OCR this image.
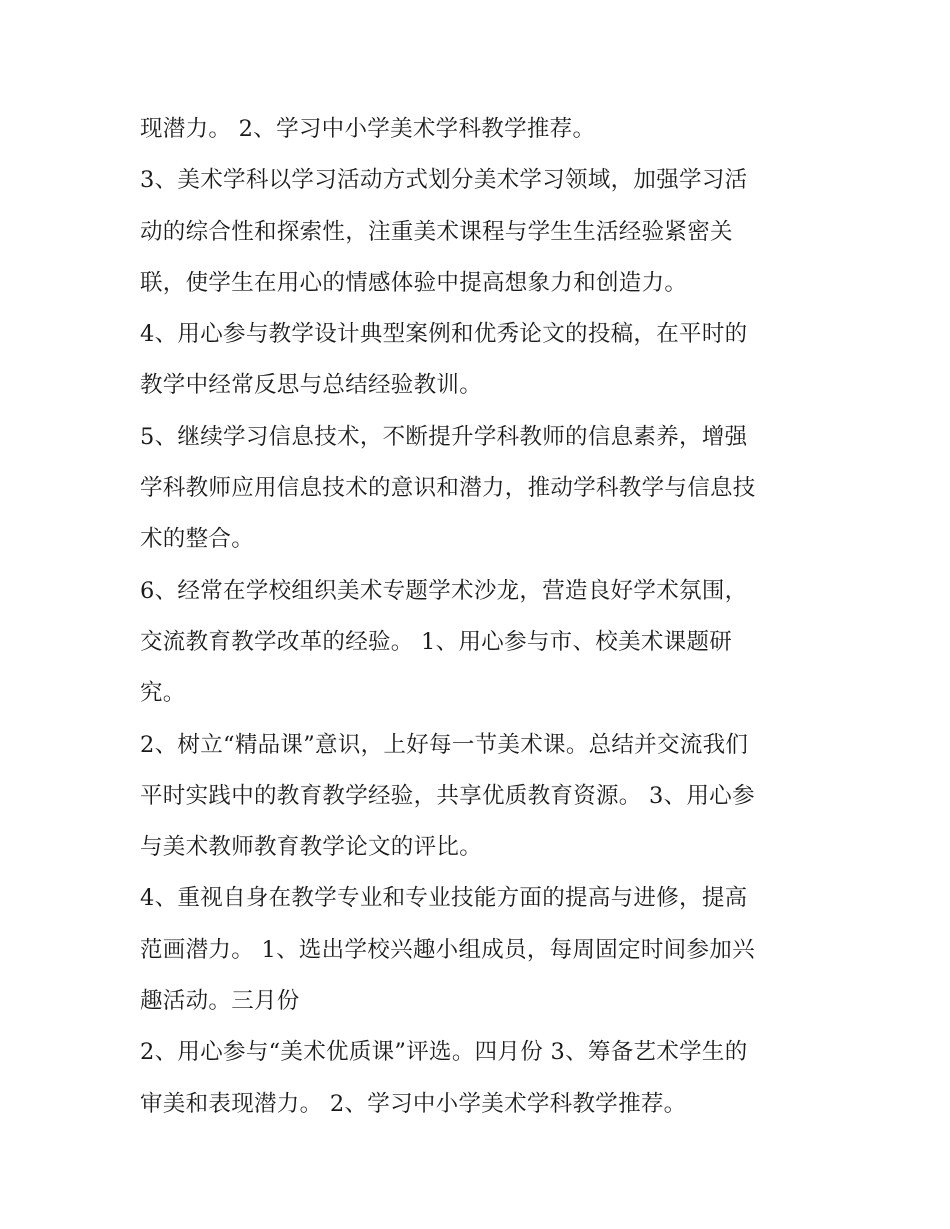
现潜力。 2、学习中小学美术学科教学推荐。
3、美术学科以学习活动方式划分美术学习领域，加强学习活
动的综合性和探索性，注重美术课程与学生生活经验紧密关
联，使学生在用心的情感体验中提高想象力和创造力。
4、用心参与教学设计典型案例和优秀论文的投稿，在平时的
教学中经常反思与总结经验教训。
5、继续学习信息技术，不断提升学科教师的信息素养，增强
学科教师应用信息技术的意识和潜力，推动学科教学与信息技
术的整合。
6、经常在学校组织美术专题学术沙龙，营造良好学术氛围，
交流教育教学改革的经验。 1、用心参与市、校美术课题研
究。
2、树立“精品课”意识，上好每一节美术课。总结并交流我们
平时实践中的教育教学经验，共享优质教育资源。 3、用心参
与美术教师教育教学论文的评比。
4、重视自身在教学专业和专业技能方面的提高与进修，提高
范画潜力。 1、选出学校兴趣小组成员，每周固定时间参加兴
趣活动。三月份
2、用心参与“美术优质课”评选。四月份 3、筹备艺术学生的
审美和表现潜力。 2、学习中小学美术学科教学推荐。
